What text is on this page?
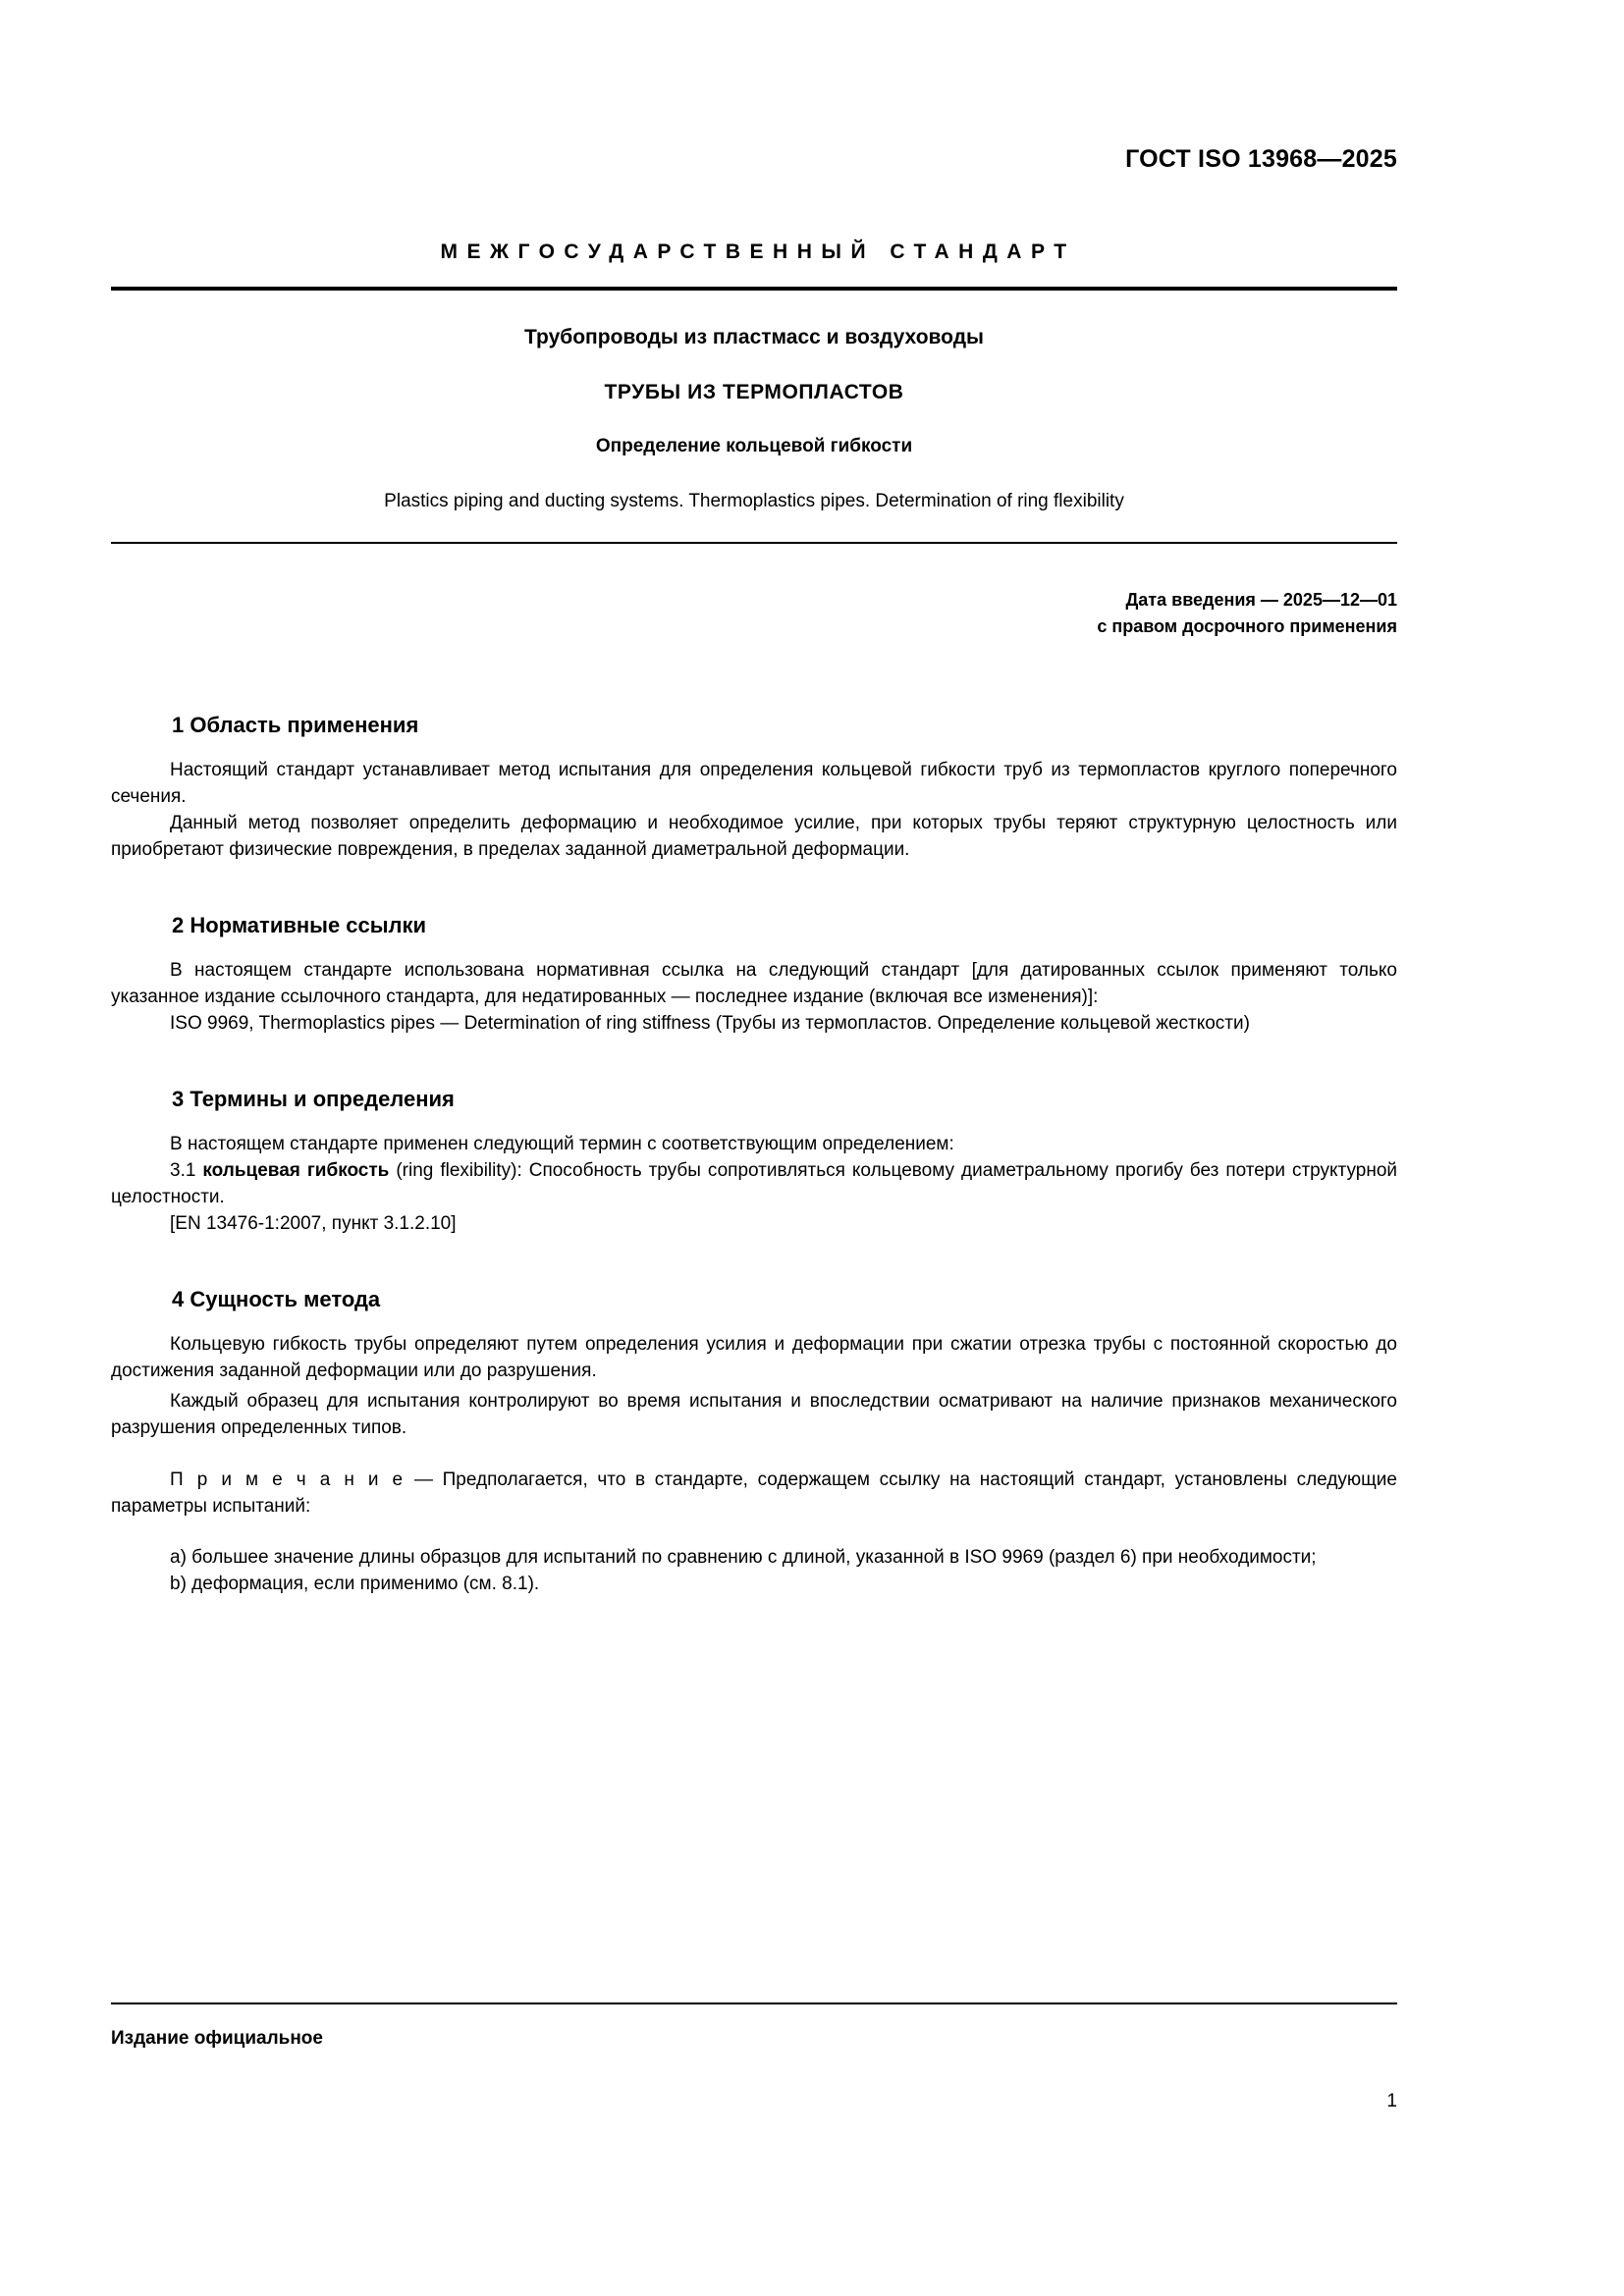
ГОСТ ISO 13968—2025
МЕЖГОСУДАРСТВЕННЫЙ СТАНДАРТ
Трубопроводы из пластмасс и воздуховоды
ТРУБЫ ИЗ ТЕРМОПЛАСТОВ
Определение кольцевой гибкости
Plastics piping and ducting systems. Thermoplastics pipes. Determination of ring flexibility
Дата введения — 2025—12—01
с правом досрочного применения
1 Область применения

Настоящий стандарт устанавливает метод испытания для определения кольцевой гибкости труб из термопластов круглого поперечного сечения.

Данный метод позволяет определить деформацию и необходимое усилие, при которых трубы теряют структурную целостность или приобретают физические повреждения, в пределах заданной диаметральной деформации.

2 Нормативные ссылки

В настоящем стандарте использована нормативная ссылка на следующий стандарт [для датированных ссылок применяют только указанное издание ссылочного стандарта, для недатированных — последнее издание (включая все изменения)]:

ISO 9969, Thermoplastics pipes — Determination of ring stiffness (Трубы из термопластов. Определение кольцевой жесткости)

3 Термины и определения

В настоящем стандарте применен следующий термин с соответствующим определением:

3.1 кольцевая гибкость (ring flexibility): Способность трубы сопротивляться кольцевому диаметральному прогибу без потери структурной целостности.

[EN 13476-1:2007, пункт 3.1.2.10]

4 Сущность метода

Кольцевую гибкость трубы определяют путем определения усилия и деформации при сжатии отрезка трубы с постоянной скоростью до достижения заданной деформации или до разрушения.

Каждый образец для испытания контролируют во время испытания и впоследствии осматривают на наличие признаков механического разрушения определенных типов.

П р и м е ч а н и е — Предполагается, что в стандарте, содержащем ссылку на настоящий стандарт, установлены следующие параметры испытаний:

a) большее значение длины образцов для испытаний по сравнению с длиной, указанной в ISO 9969 (раздел 6) при необходимости;

b) деформация, если применимо (см. 8.1).

Издание официальное
1
